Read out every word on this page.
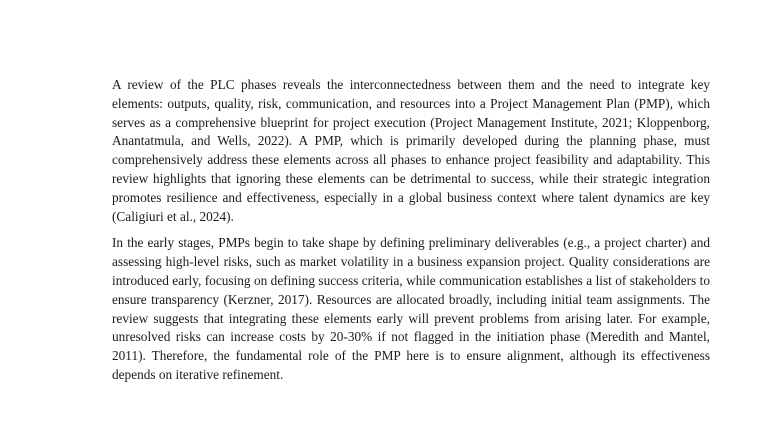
A review of the PLC phases reveals the interconnectedness between them and the need to integrate key elements: outputs, quality, risk, communication, and resources into a Project Management Plan (PMP), which serves as a comprehensive blueprint for project execution (Project Management Institute, 2021; Kloppenborg, Anantatmula, and Wells, 2022). A PMP, which is primarily developed during the planning phase, must comprehensively address these elements across all phases to enhance project feasibility and adaptability. This review highlights that ignoring these elements can be detrimental to success, while their strategic integration promotes resilience and effectiveness, especially in a global business context where talent dynamics are key (Caligiuri et al., 2024).

In the early stages, PMPs begin to take shape by defining preliminary deliverables (e.g., a project charter) and assessing high-level risks, such as market volatility in a business expansion project. Quality considerations are introduced early, focusing on defining success criteria, while communication establishes a list of stakeholders to ensure transparency (Kerzner, 2017). Resources are allocated broadly, including initial team assignments. The review suggests that integrating these elements early will prevent problems from arising later. For example, unresolved risks can increase costs by 20-30% if not flagged in the initiation phase (Meredith and Mantel, 2011). Therefore, the fundamental role of the PMP here is to ensure alignment, although its effectiveness depends on iterative refinement.
